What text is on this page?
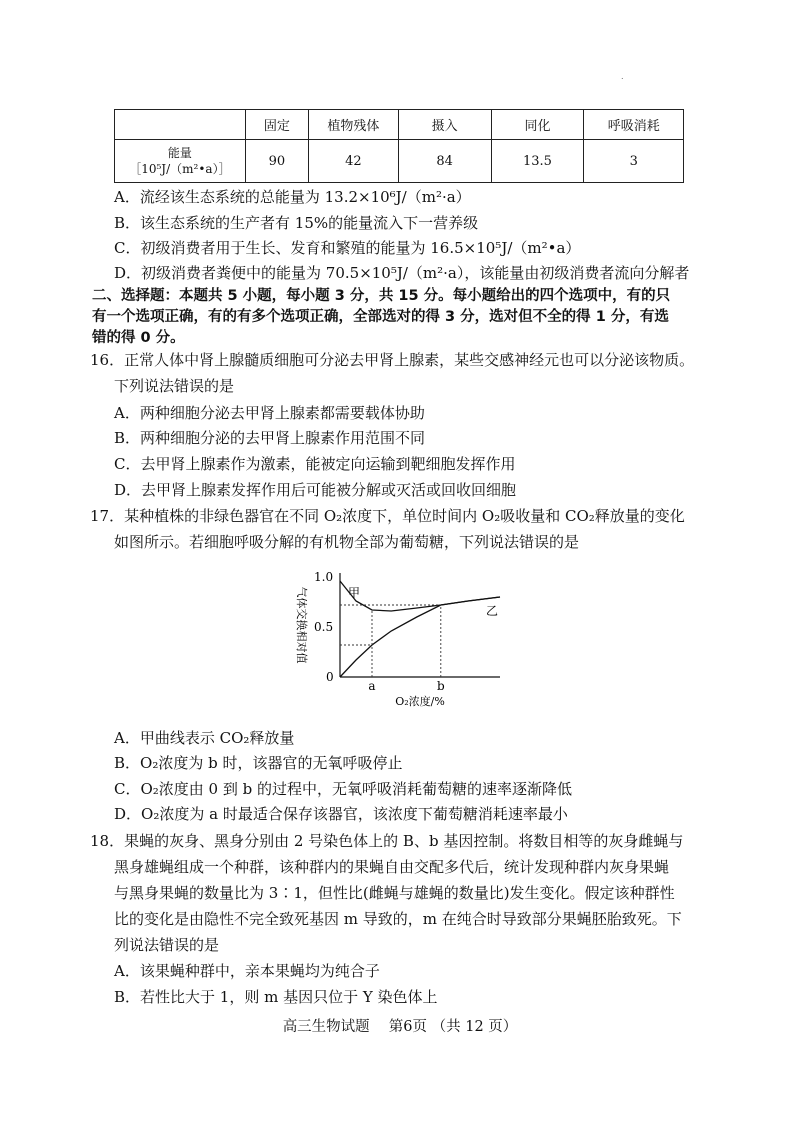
.
	固定	植物残体	摄入	同化	呼吸消耗

能量
［10⁵J/（m²•a）］	90	42	84	13.5	3
A．流经该生态系统的总能量为 13.2×10⁶J/（m²·a）
B．该生态系统的生产者有 15%的能量流入下一营养级
C．初级消费者用于生长、发育和繁殖的能量为 16.5×10⁵J/（m²•a）
D．初级消费者粪便中的能量为 70.5×10⁵J/（m²·a），该能量由初级消费者流向分解者
二、选择题：本题共 5 小题，每小题 3 分，共 15 分。每小题给出的四个选项中，有的只
有一个选项正确，有的有多个选项正确，全部选对的得 3 分，选对但不全的得 1 分，有选
错的得 0 分。
16．正常人体中肾上腺髓质细胞可分泌去甲肾上腺素，某些交感神经元也可以分泌该物质。
下列说法错误的是
A．两种细胞分泌去甲肾上腺素都需要载体协助
B．两种细胞分泌的去甲肾上腺素作用范围不同
C．去甲肾上腺素作为激素，能被定向运输到靶细胞发挥作用
D．去甲肾上腺素发挥作用后可能被分解或灭活或回收回细胞
17．某种植株的非绿色器官在不同 O₂浓度下，单位时间内 O₂吸收量和 CO₂释放量的变化
如图所示。若细胞呼吸分解的有机物全部为葡萄糖，下列说法错误的是
气体交换相对值
1.0
0.5
0
a	b
O₂浓度/%
甲
乙
A．甲曲线表示 CO₂释放量
B．O₂浓度为 b 时，该器官的无氧呼吸停止
C．O₂浓度由 0 到 b 的过程中，无氧呼吸消耗葡萄糖的速率逐渐降低
D．O₂浓度为 a 时最适合保存该器官，该浓度下葡萄糖消耗速率最小
18．果蝇的灰身、黑身分别由 2 号染色体上的 B、b 基因控制。将数目相等的灰身雌蝇与
黑身雄蝇组成一个种群，该种群内的果蝇自由交配多代后，统计发现种群内灰身果蝇
与黑身果蝇的数量比为 3∶1，但性比(雌蝇与雄蝇的数量比)发生变化。假定该种群性
比的变化是由隐性不完全致死基因 m 导致的，m 在纯合时导致部分果蝇胚胎致死。下
列说法错误的是
A．该果蝇种群中，亲本果蝇均为纯合子
B．若性比大于 1，则 m 基因只位于 Y 染色体上
高三生物试题　 第6页 （共 12 页）
